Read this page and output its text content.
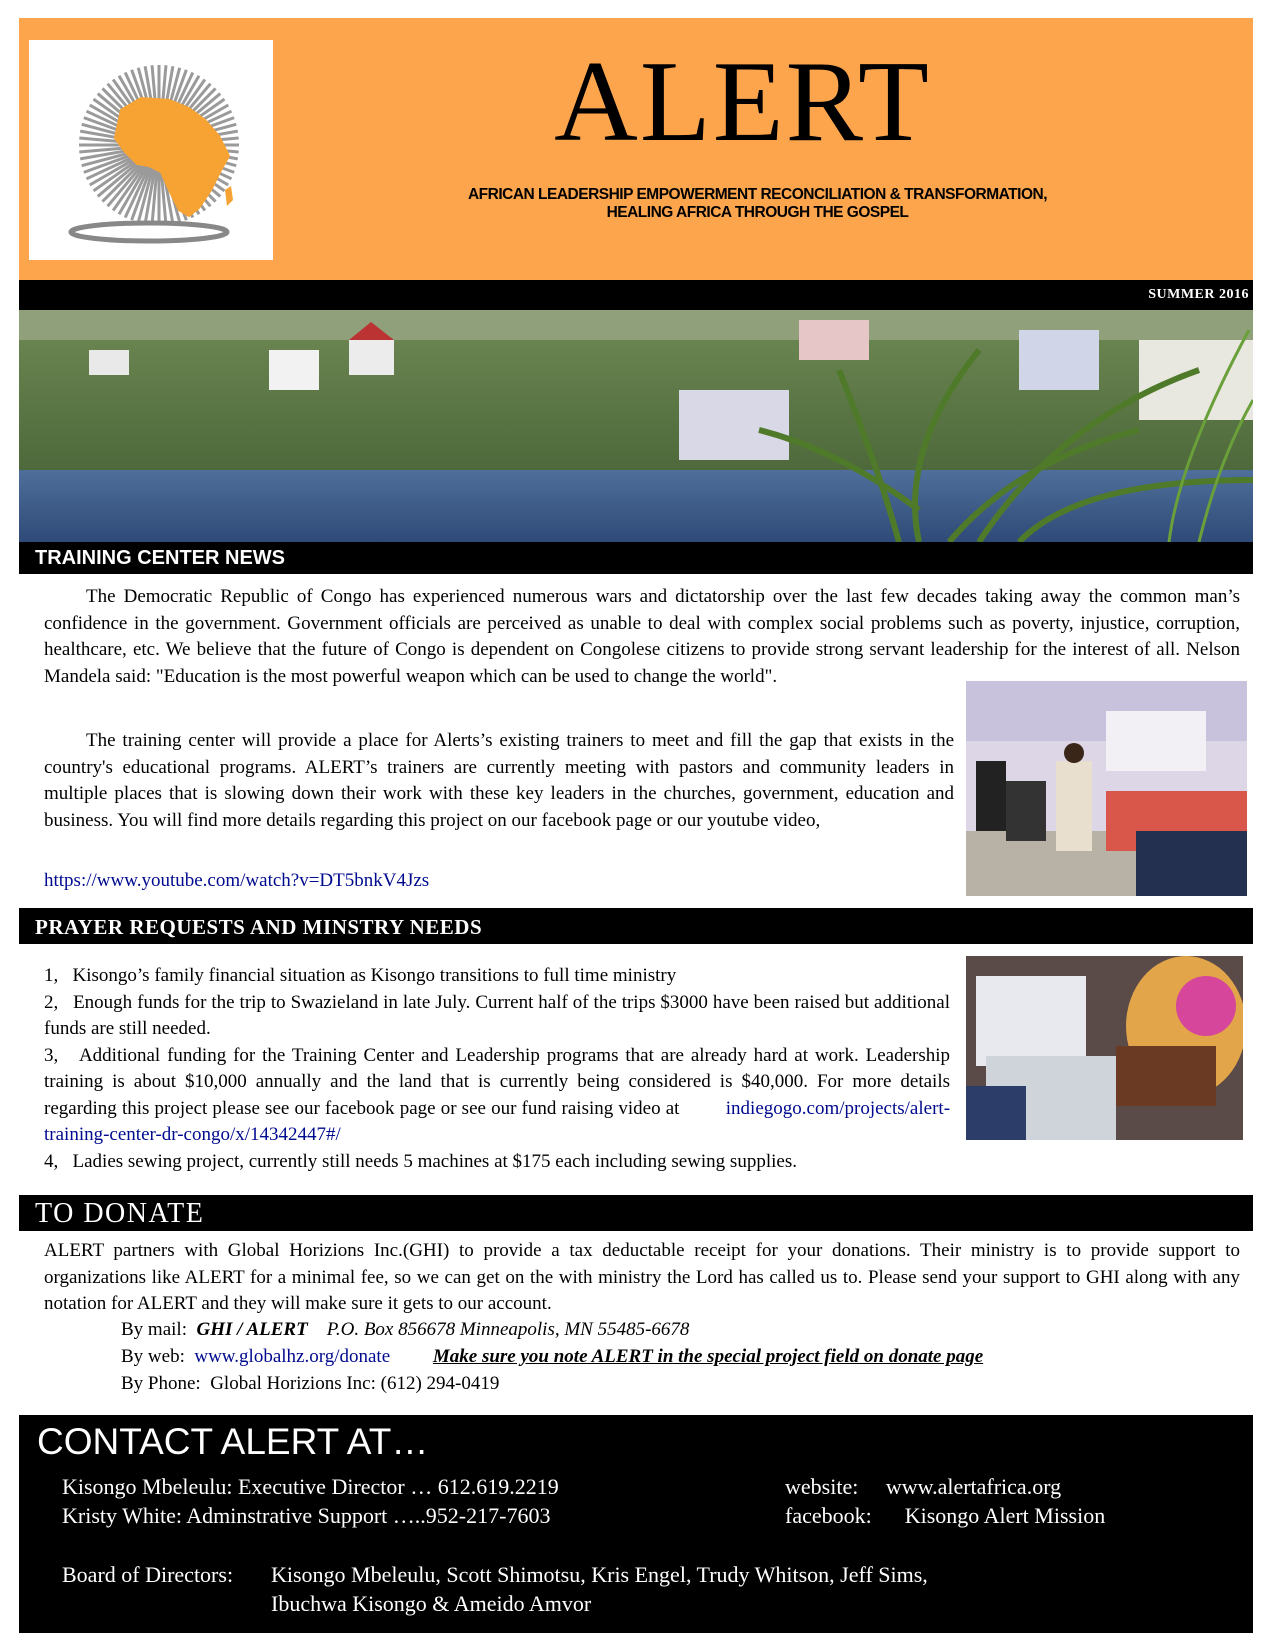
ALERT
AFRICAN LEADERSHIP EMPOWERMENT RECONCILIATION & TRANSFORMATION,
HEALING AFRICA THROUGH THE GOSPEL
SUMMER 2016
TRAINING CENTER NEWS
The Democratic Republic of Congo has experienced numerous wars and dictatorship over the last few decades taking away the common man’s confidence in the government. Government officials are perceived as unable to deal with complex social problems such as poverty, injustice, corruption, healthcare, etc. We believe that the future of Congo is dependent on Congolese citizens to provide strong servant leadership for the interest of all. Nelson Mandela said: "Education is the most powerful weapon which can be used to change the world".
The training center will provide a place for Alerts’s existing trainers to meet and fill the gap that exists in the country's educational programs. ALERT’s trainers are currently meeting with pastors and community leaders in multiple places that is slowing down their work with these key leaders in the churches, government, education and business. You will find more details regarding this project on our facebook page or our youtube video,
https://www.youtube.com/watch?v=DT5bnkV4Jzs
PRAYER REQUESTS AND MINSTRY NEEDS
1, Kisongo’s family financial situation as Kisongo transitions to full time ministry
2, Enough funds for the trip to Swazieland in late July. Current half of the trips $3000 have been raised but additional funds are still needed.
3, Additional funding for the Training Center and Leadership programs that are already hard at work. Leadership training is about $10,000 annually and the land that is currently being considered is $40,000. For more details regarding this project please see our facebook page or see our fund raising video at indiegogo.com/projects/alert-training-center-dr-congo/x/14342447#/
4, Ladies sewing project, currently still needs 5 machines at $175 each including sewing supplies.
TO DONATE
ALERT partners with Global Horizions Inc.(GHI) to provide a tax deductable receipt for your donations. Their ministry is to provide support to organizations like ALERT for a minimal fee, so we can get on the with ministry the Lord has called us to. Please send your support to GHI along with any notation for ALERT and they will make sure it gets to our account.
By mail: GHI / ALERT P.O. Box 856678 Minneapolis, MN 55485-6678
By web: www.globalhz.org/donate Make sure you note ALERT in the special project field on donate page
By Phone: Global Horizions Inc: (612) 294-0419
CONTACT ALERT AT…
Kisongo Mbeleulu: Executive Director … 612.619.2219
Kristy White: Adminstrative Support …..952-217-7603
website: www.alertafrica.org
facebook: Kisongo Alert Mission
Board of Directors: Kisongo Mbeleulu, Scott Shimotsu, Kris Engel, Trudy Whitson, Jeff Sims,
Ibuchwa Kisongo & Ameido Amvor
